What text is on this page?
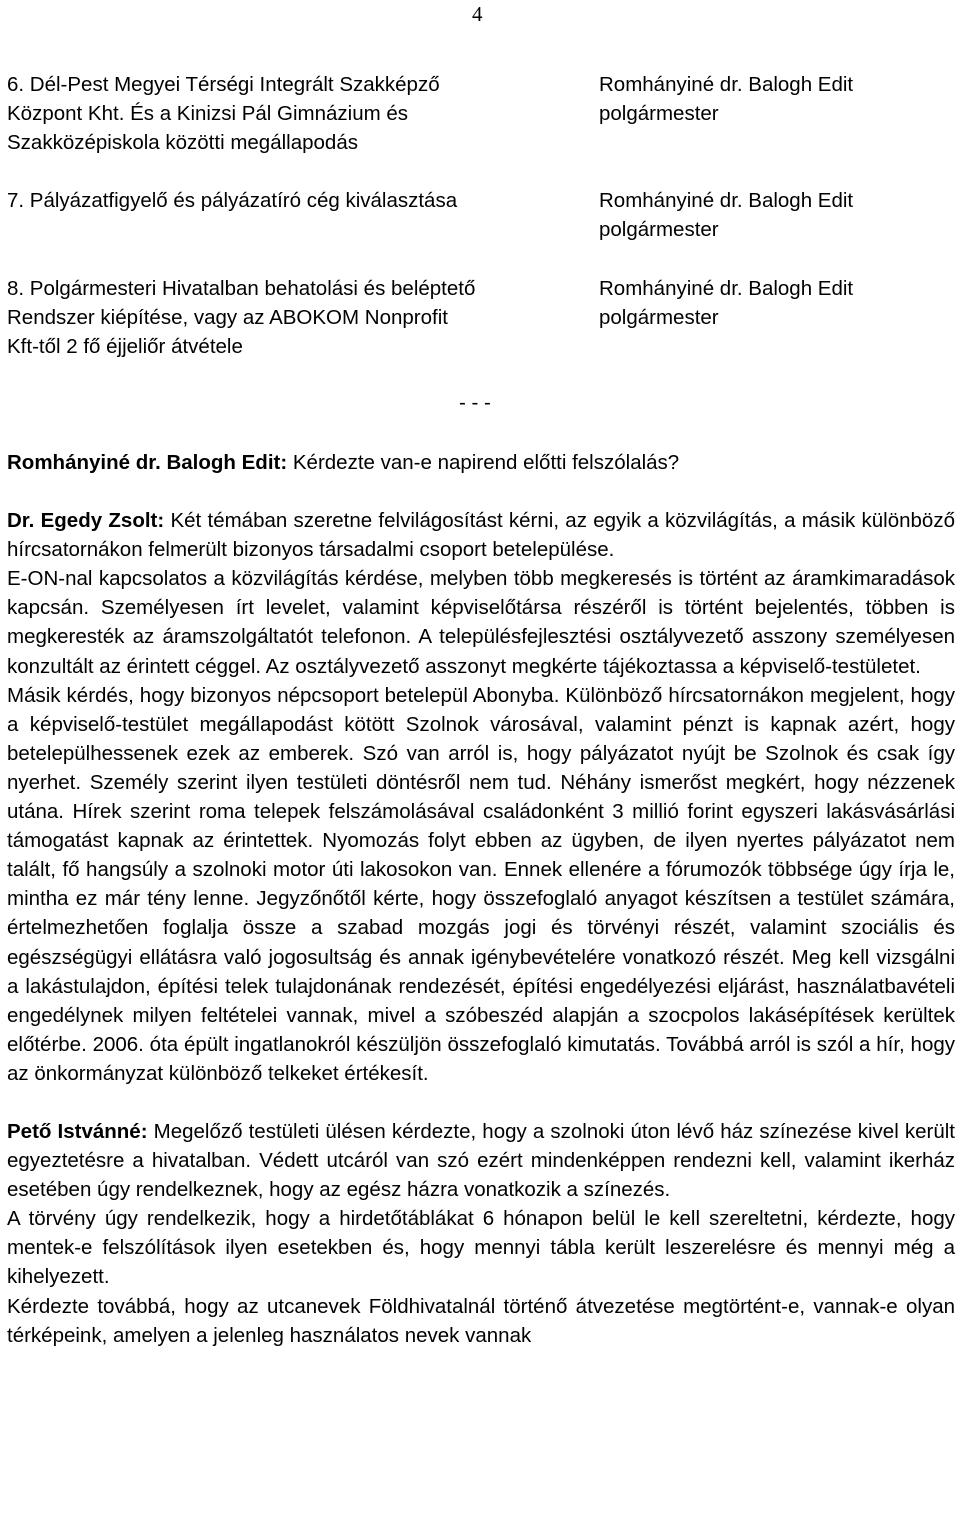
4
6. Dél-Pest Megyei Térségi Integrált Szakképző
Központ Kht. És a Kinizsi Pál Gimnázium és
Szakközépiskola közötti megállapodás
Romhányiné dr. Balogh Edit
polgármester
7. Pályázatfigyelő és pályázatíró cég kiválasztása	Romhányiné dr. Balogh Edit
polgármester
8. Polgármesteri Hivatalban behatolási és beléptető
Rendszer kiépítése, vagy az ABOKOM Nonprofit
Kft-től 2 fő éjjeliőr átvétele
Romhányiné dr. Balogh Edit
polgármester
- - -

Romhányiné dr. Balogh Edit: Kérdezte van-e napirend előtti felszólalás?

Dr. Egedy Zsolt: Két témában szeretne felvilágosítást kérni, az egyik a közvilágítás, a másik különböző hírcsatornákon felmerült bizonyos társadalmi csoport betelepülése.

E-ON-nal kapcsolatos a közvilágítás kérdése, melyben több megkeresés is történt az áramkimaradások kapcsán. Személyesen írt levelet, valamint képviselőtársa részéről is történt bejelentés, többen is megkeresték az áramszolgáltatót telefonon. A településfejlesztési osztályvezető asszony személyesen konzultált az érintett céggel. Az osztályvezető asszonyt megkérte tájékoztassa a képviselő-testületet.

Másik kérdés, hogy bizonyos népcsoport betelepül Abonyba. Különböző hírcsatornákon megjelent, hogy a képviselő-testület megállapodást kötött Szolnok városával, valamint pénzt is kapnak azért, hogy betelepülhessenek ezek az emberek. Szó van arról is, hogy pályázatot nyújt be Szolnok és csak így nyerhet. Személy szerint ilyen testületi döntésről nem tud. Néhány ismerőst megkért, hogy nézzenek utána. Hírek szerint roma telepek felszámolásával családonként 3 millió forint egyszeri lakásvásárlási támogatást kapnak az érintettek. Nyomozás folyt ebben az ügyben, de ilyen nyertes pályázatot nem talált, fő hangsúly a szolnoki motor úti lakosokon van. Ennek ellenére a fórumozók többsége úgy írja le, mintha ez már tény lenne. Jegyzőnőtől kérte, hogy összefoglaló anyagot készítsen a testület számára, értelmezhetően foglalja össze a szabad mozgás jogi és törvényi részét, valamint szociális és egészségügyi ellátásra való jogosultság és annak igénybevételére vonatkozó részét. Meg kell vizsgálni a lakástulajdon, építési telek tulajdonának rendezését, építési engedélyezési eljárást, használatbavételi engedélynek milyen feltételei vannak, mivel a szóbeszéd alapján a szocpolos lakásépítések kerültek előtérbe. 2006. óta épült ingatlanokról készüljön összefoglaló kimutatás. Továbbá arról is szól a hír, hogy az önkormányzat különböző telkeket értékesít.

Pető Istvánné: Megelőző testületi ülésen kérdezte, hogy a szolnoki úton lévő ház színezése kivel került egyeztetésre a hivatalban. Védett utcáról van szó ezért mindenképpen rendezni kell, valamint ikerház esetében úgy rendelkeznek, hogy az egész házra vonatkozik a színezés.

A törvény úgy rendelkezik, hogy a hirdetőtáblákat 6 hónapon belül le kell szereltetni, kérdezte, hogy mentek-e felszólítások ilyen esetekben és, hogy mennyi tábla került leszerelésre és mennyi még a kihelyezett.

Kérdezte továbbá, hogy az utcanevek Földhivatalnál történő átvezetése megtörtént-e, vannak-e olyan térképeink, amelyen a jelenleg használatos nevek vannak
